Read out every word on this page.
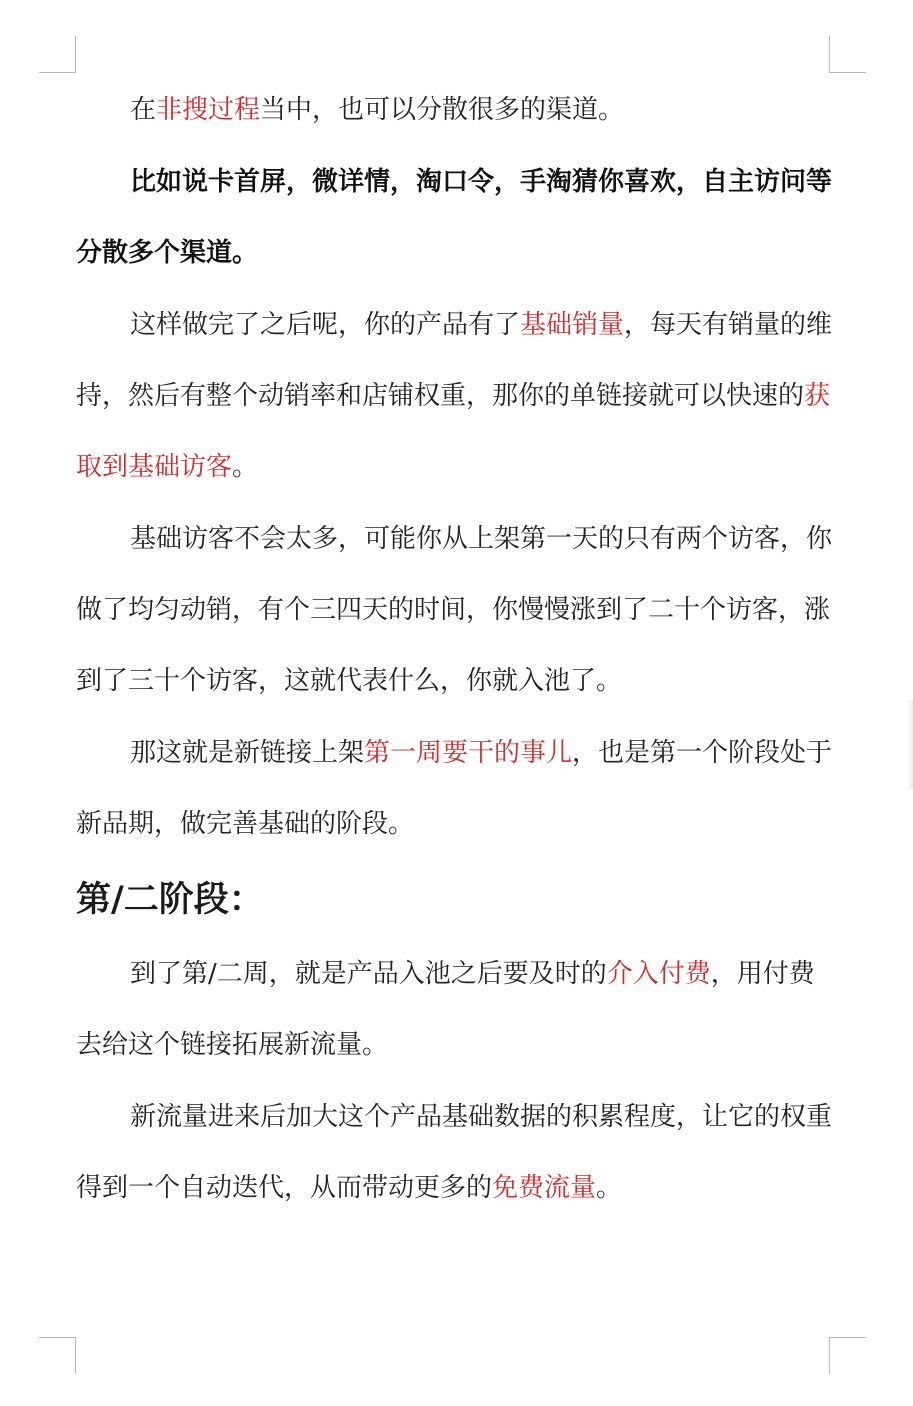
在非搜过程当中，也可以分散很多的渠道。

比如说卡首屏，微详情，淘口令，手淘猜你喜欢，自主访问等分散多个渠道。

这样做完了之后呢，你的产品有了基础销量，每天有销量的维持，然后有整个动销率和店铺权重，那你的单链接就可以快速的获取到基础访客。

基础访客不会太多，可能你从上架第一天的只有两个访客，你做了均匀动销，有个三四天的时间，你慢慢涨到了二十个访客，涨到了三十个访客，这就代表什么，你就入池了。

那这就是新链接上架第一周要干的事儿，也是第一个阶段处于新品期，做完善基础的阶段。

第/二阶段：

到了第/二周，就是产品入池之后要及时的介入付费，用付费去给这个链接拓展新流量。

新流量进来后加大这个产品基础数据的积累程度，让它的权重得到一个自动迭代，从而带动更多的免费流量。
